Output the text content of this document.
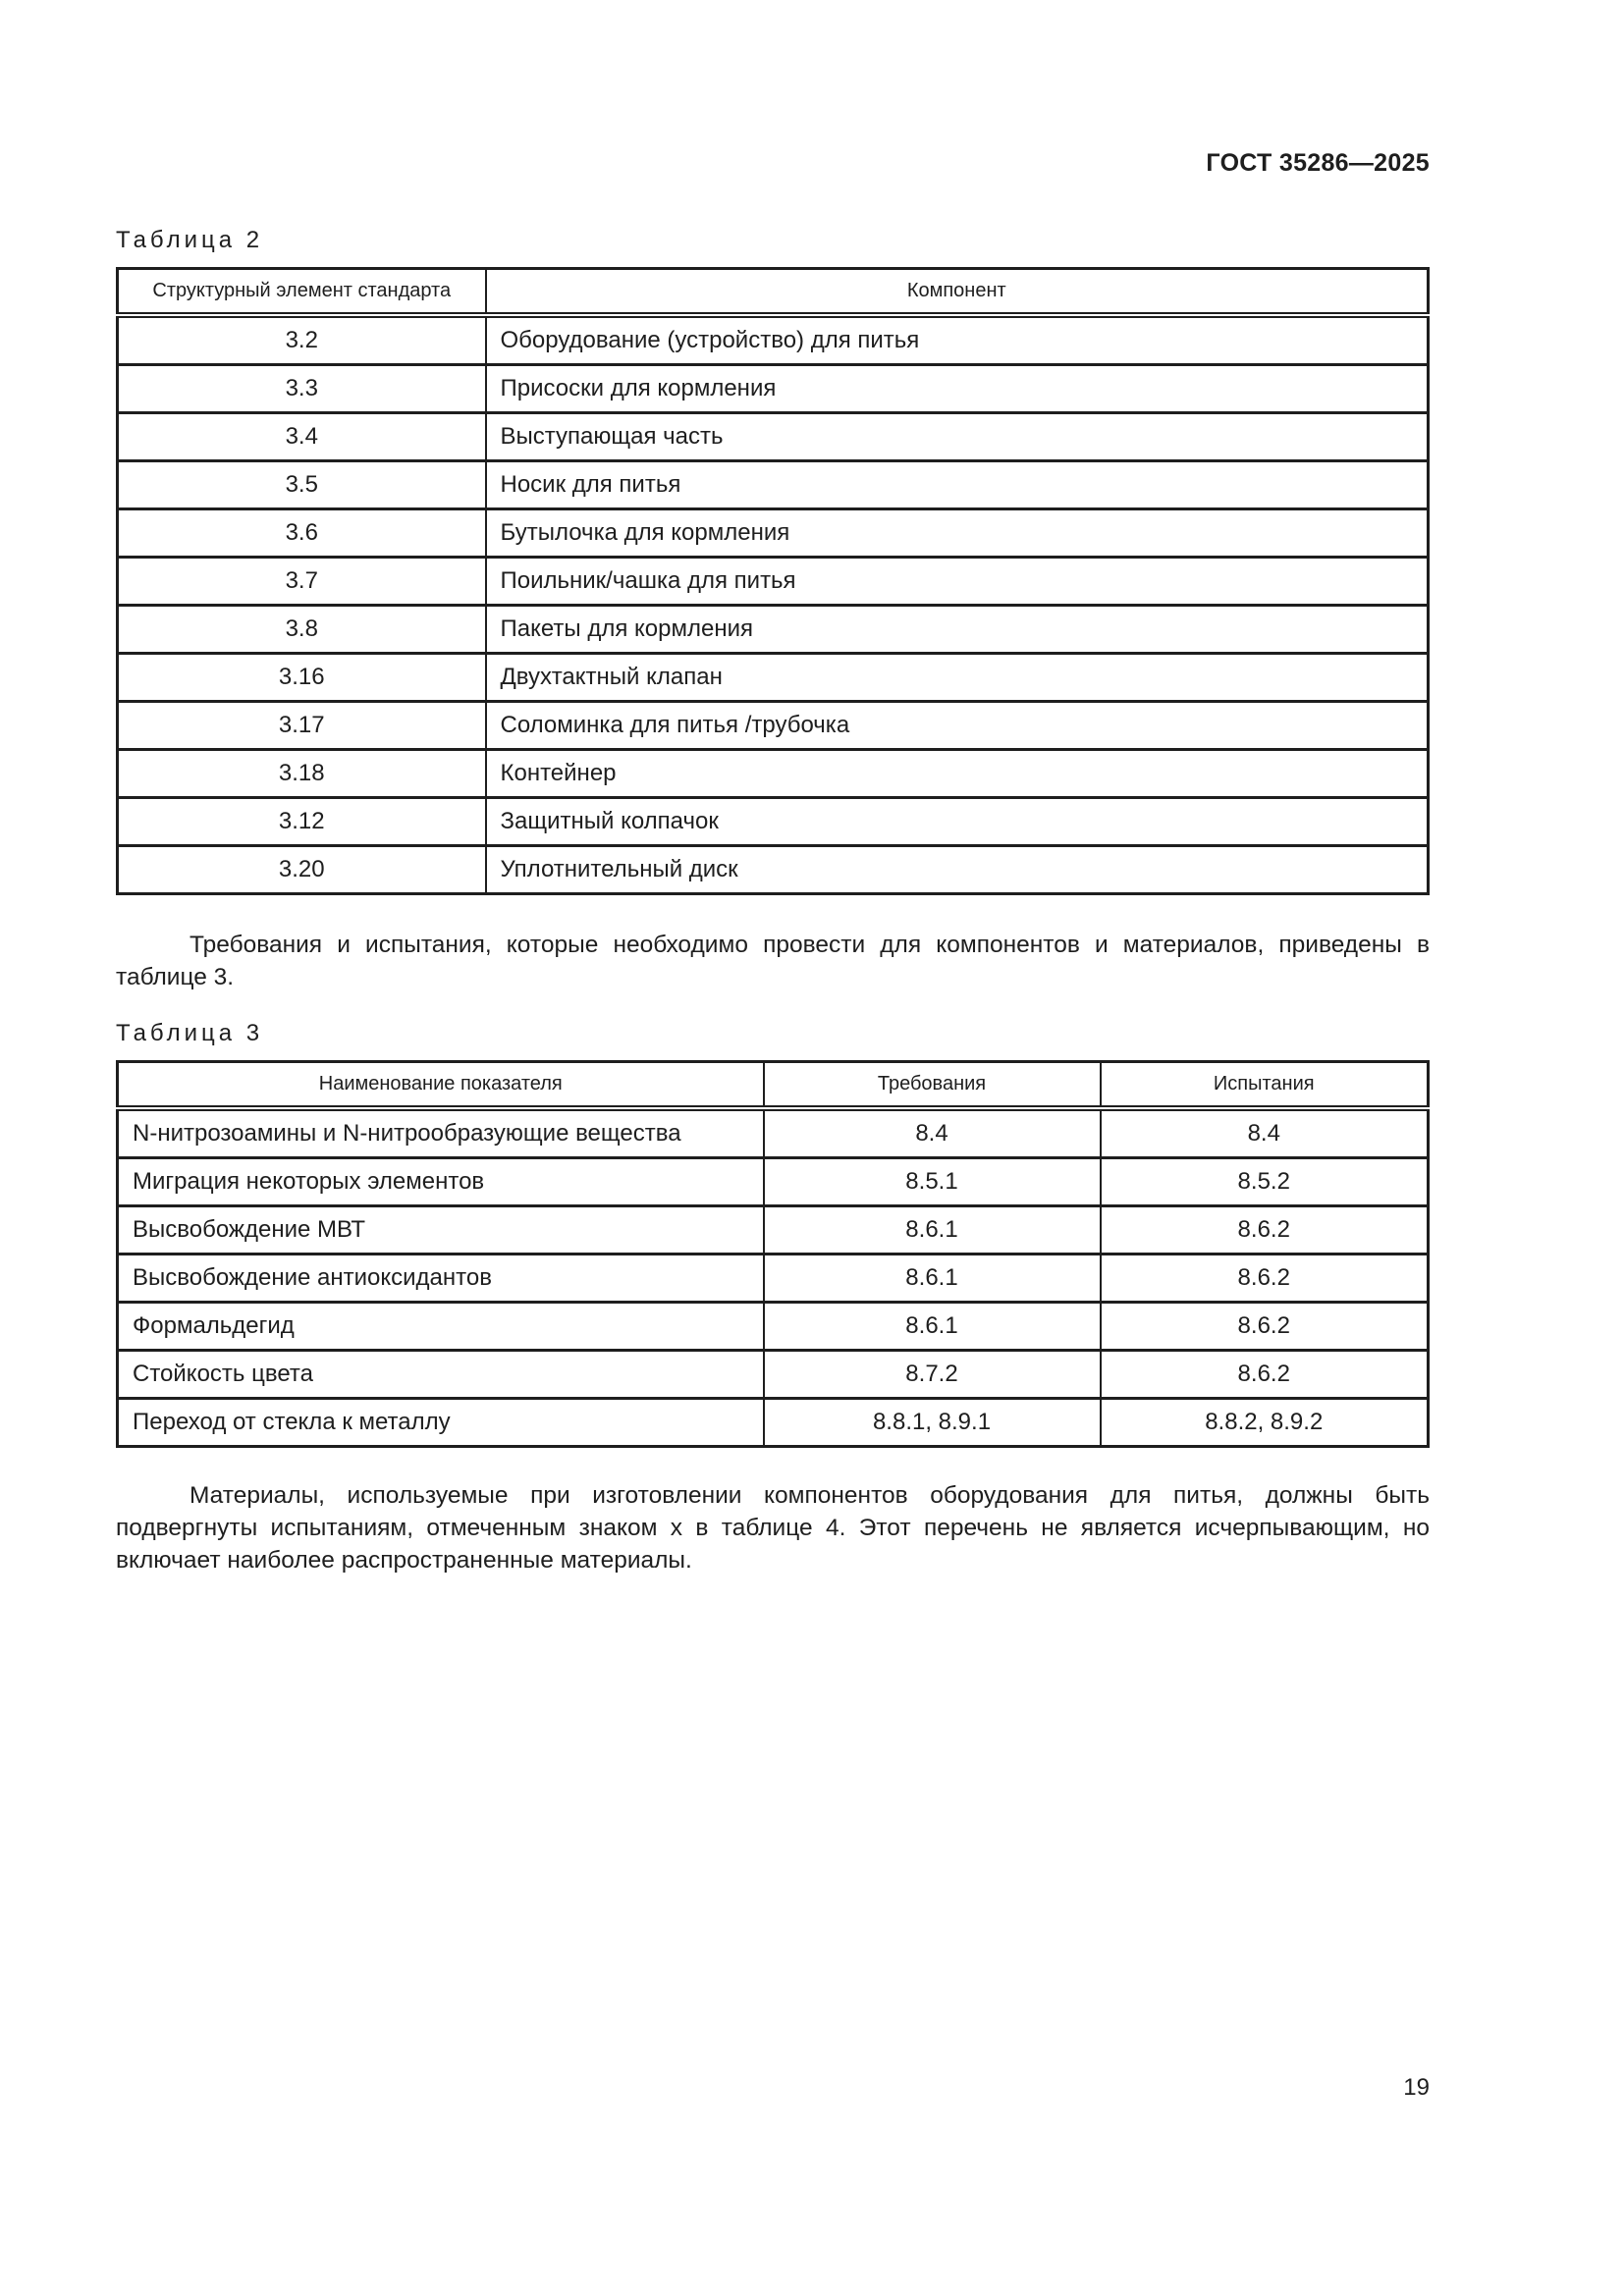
ГОСТ 35286—2025
Таблица 2
Структурный элемент стандарта	Компонент
3.2	Оборудование (устройство) для питья
3.3	Присоски для кормления
3.4	Выступающая часть
3.5	Носик для питья
3.6	Бутылочка для кормления
3.7	Поильник/чашка для питья
3.8	Пакеты для кормления
3.16	Двухтактный клапан
3.17	Соломинка для питья /трубочка
3.18	Контейнер
3.12	Защитный колпачок
3.20	Уплотнительный диск
Требования и испытания, которые необходимо провести для компонентов и материалов, приведены в таблице 3.
Таблица 3
Наименование показателя	Требования	Испытания
N-нитрозоамины и N-нитрообразующие вещества	8.4	8.4
Миграция некоторых элементов	8.5.1	8.5.2
Высвобождение МВТ	8.6.1	8.6.2
Высвобождение антиоксидантов	8.6.1	8.6.2
Формальдегид	8.6.1	8.6.2
Стойкость цвета	8.7.2	8.6.2
Переход от стекла к металлу	8.8.1, 8.9.1	8.8.2, 8.9.2
Материалы, используемые при изготовлении компонентов оборудования для питья, должны быть подвергнуты испытаниям, отмеченным знаком х в таблице 4. Этот перечень не является исчерпывающим, но включает наиболее распространенные материалы.
19
